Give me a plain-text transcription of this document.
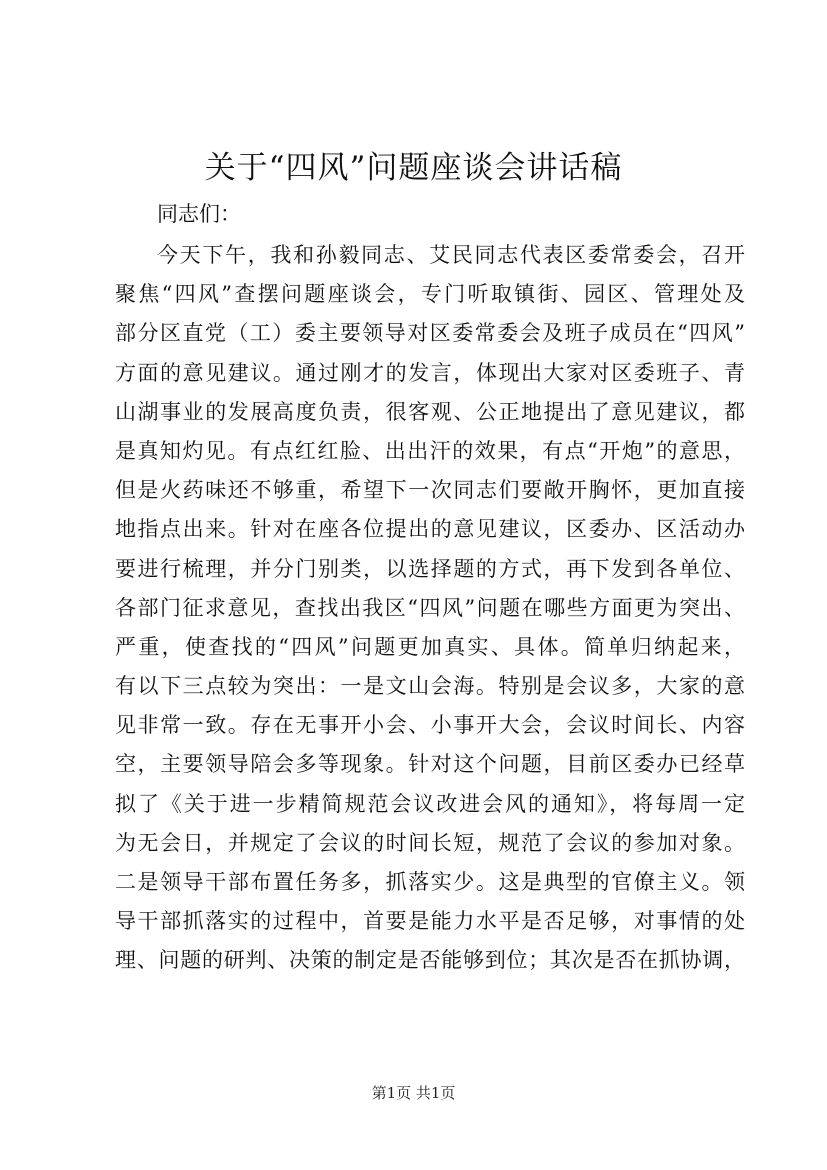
关于“四风”问题座谈会讲话稿

同志们：

今天下午，我和孙毅同志、艾民同志代表区委常委会，召开
聚焦“四风”查摆问题座谈会，专门听取镇街、园区、管理处及
部分区直党（工）委主要领导对区委常委会及班子成员在“四风”
方面的意见建议。通过刚才的发言，体现出大家对区委班子、青
山湖事业的发展高度负责，很客观、公正地提出了意见建议，都
是真知灼见。有点红红脸、出出汗的效果，有点“开炮”的意思，
但是火药味还不够重，希望下一次同志们要敞开胸怀，更加直接
地指点出来。针对在座各位提出的意见建议，区委办、区活动办
要进行梳理，并分门别类，以选择题的方式，再下发到各单位、
各部门征求意见，查找出我区“四风”问题在哪些方面更为突出、
严重，使查找的“四风”问题更加真实、具体。简单归纳起来，
有以下三点较为突出：一是文山会海。特别是会议多，大家的意
见非常一致。存在无事开小会、小事开大会，会议时间长、内容
空，主要领导陪会多等现象。针对这个问题，目前区委办已经草
拟了《关于进一步精简规范会议改进会风的通知》，将每周一定
为无会日，并规定了会议的时间长短，规范了会议的参加对象。
二是领导干部布置任务多，抓落实少。这是典型的官僚主义。领
导干部抓落实的过程中，首要是能力水平是否足够，对事情的处
理、问题的研判、决策的制定是否能够到位；其次是否在抓协调，

第1页 共1页
